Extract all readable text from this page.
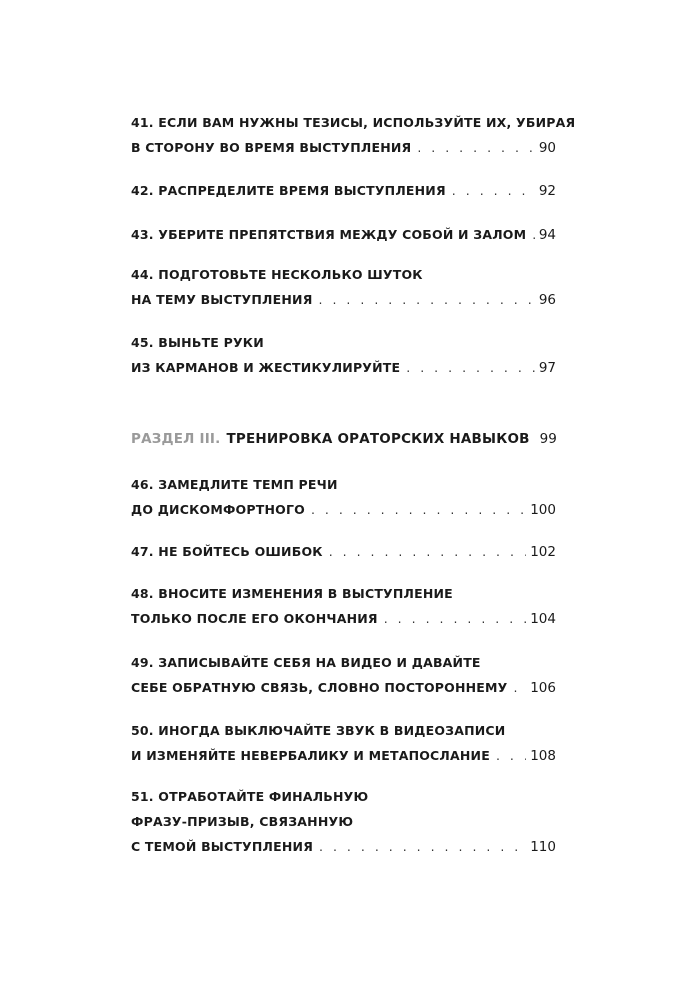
41. ЕСЛИ ВАМ НУЖНЫ ТЕЗИСЫ, ИСПОЛЬЗУЙТЕ ИХ, УБИРАЯ
В СТОРОНУ ВО ВРЕМЯ ВЫСТУПЛЕНИЯ . . .	90
42. РАСПРЕДЕЛИТЕ ВРЕМЯ ВЫСТУПЛЕНИЯ . . .	92
43. УБЕРИТЕ ПРЕПЯТСТВИЯ МЕЖДУ СОБОЙ И ЗАЛОМ . . . 94
44. ПОДГОТОВЬТЕ НЕСКОЛЬКО ШУТОК
НА ТЕМУ ВЫСТУПЛЕНИЯ . . .	96
45. ВЫНЬТЕ РУКИ
ИЗ КАРМАНОВ И ЖЕСТИКУЛИРУЙТЕ . . .	97
РАЗДЕЛ III. ТРЕНИРОВКА ОРАТОРСКИХ НАВЫКОВ 99
46. ЗАМЕДЛИТЕ ТЕМП РЕЧИ
ДО ДИСКОМФОРТНОГО . . .	100
47. НЕ БОЙТЕСЬ ОШИБОК . . .	102
48. ВНОСИТЕ ИЗМЕНЕНИЯ В ВЫСТУПЛЕНИЕ
ТОЛЬКО ПОСЛЕ ЕГО ОКОНЧАНИЯ . . .	104
49. ЗАПИСЫВАЙТЕ СЕБЯ НА ВИДЕО И ДАВАЙТЕ
СЕБЕ ОБРАТНУЮ СВЯЗЬ, СЛОВНО ПОСТОРОННЕМУ . . . 106
50. ИНОГДА ВЫКЛЮЧАЙТЕ ЗВУК В ВИДЕОЗАПИСИ
И ИЗМЕНЯЙТЕ НЕВЕРБАЛИКУ И МЕТАПОСЛАНИЕ . . .	108
51. ОТРАБОТАЙТЕ ФИНАЛЬНУЮ
ФРАЗУ-ПРИЗЫВ, СВЯЗАННУЮ
С ТЕМОЙ ВЫСТУПЛЕНИЯ . . .	110
